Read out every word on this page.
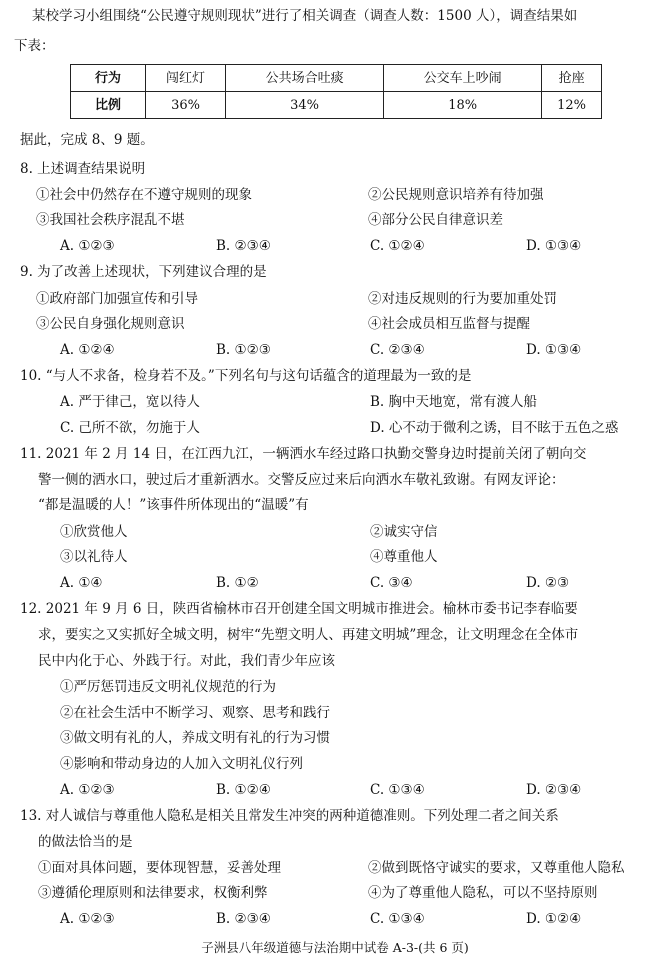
某校学习小组围绕“公民遵守规则现状”进行了相关调查（调查人数：1500 人），调查结果如
下表：
行为	闯红灯	公共场合吐痰	公交车上吵闹	抢座
比例	36%	34%	18%	12%
据此，完成 8、9 题。
8. 上述调查结果说明
①社会中仍然存在不遵守规则的现象	②公民规则意识培养有待加强
③我国社会秩序混乱不堪	④部分公民自律意识差
A. ①②③	B. ②③④	C. ①②④	D. ①③④
9. 为了改善上述现状，下列建议合理的是
①政府部门加强宣传和引导	②对违反规则的行为要加重处罚
③公民自身强化规则意识	④社会成员相互监督与提醒
A. ①②④	B. ①②③	C. ②③④	D. ①③④
10. “与人不求备，检身若不及。”下列名句与这句话蕴含的道理最为一致的是
A. 严于律己，宽以待人	B. 胸中天地宽，常有渡人船
C. 己所不欲，勿施于人	D. 心不动于微利之诱，目不眩于五色之惑
11. 2021 年 2 月 14 日，在江西九江，一辆洒水车经过路口执勤交警身边时提前关闭了朝向交
警一侧的洒水口，驶过后才重新洒水。交警反应过来后向洒水车敬礼致谢。有网友评论：
“都是温暖的人！”该事件所体现出的“温暖”有
①欣赏他人	②诚实守信
③以礼待人	④尊重他人
A. ①④	B. ①②	C. ③④	D. ②③
12. 2021 年 9 月 6 日，陕西省榆林市召开创建全国文明城市推进会。榆林市委书记李春临要
求，要实之又实抓好全城文明，树牢“先塑文明人、再建文明城”理念，让文明理念在全体市
民中内化于心、外践于行。对此，我们青少年应该
①严厉惩罚违反文明礼仪规范的行为
②在社会生活中不断学习、观察、思考和践行
③做文明有礼的人，养成文明有礼的行为习惯
④影响和带动身边的人加入文明礼仪行列
A. ①②③	B. ①②④	C. ①③④	D. ②③④
13. 对人诚信与尊重他人隐私是相关且常发生冲突的两种道德准则。下列处理二者之间关系
的做法恰当的是
①面对具体问题，要体现智慧，妥善处理	②做到既恪守诚实的要求，又尊重他人隐私
③遵循伦理原则和法律要求，权衡利弊	④为了尊重他人隐私，可以不坚持原则
A. ①②③	B. ②③④	C. ①③④	D. ①②④
子洲县八年级道德与法治期中试卷 A-3-(共 6 页)
